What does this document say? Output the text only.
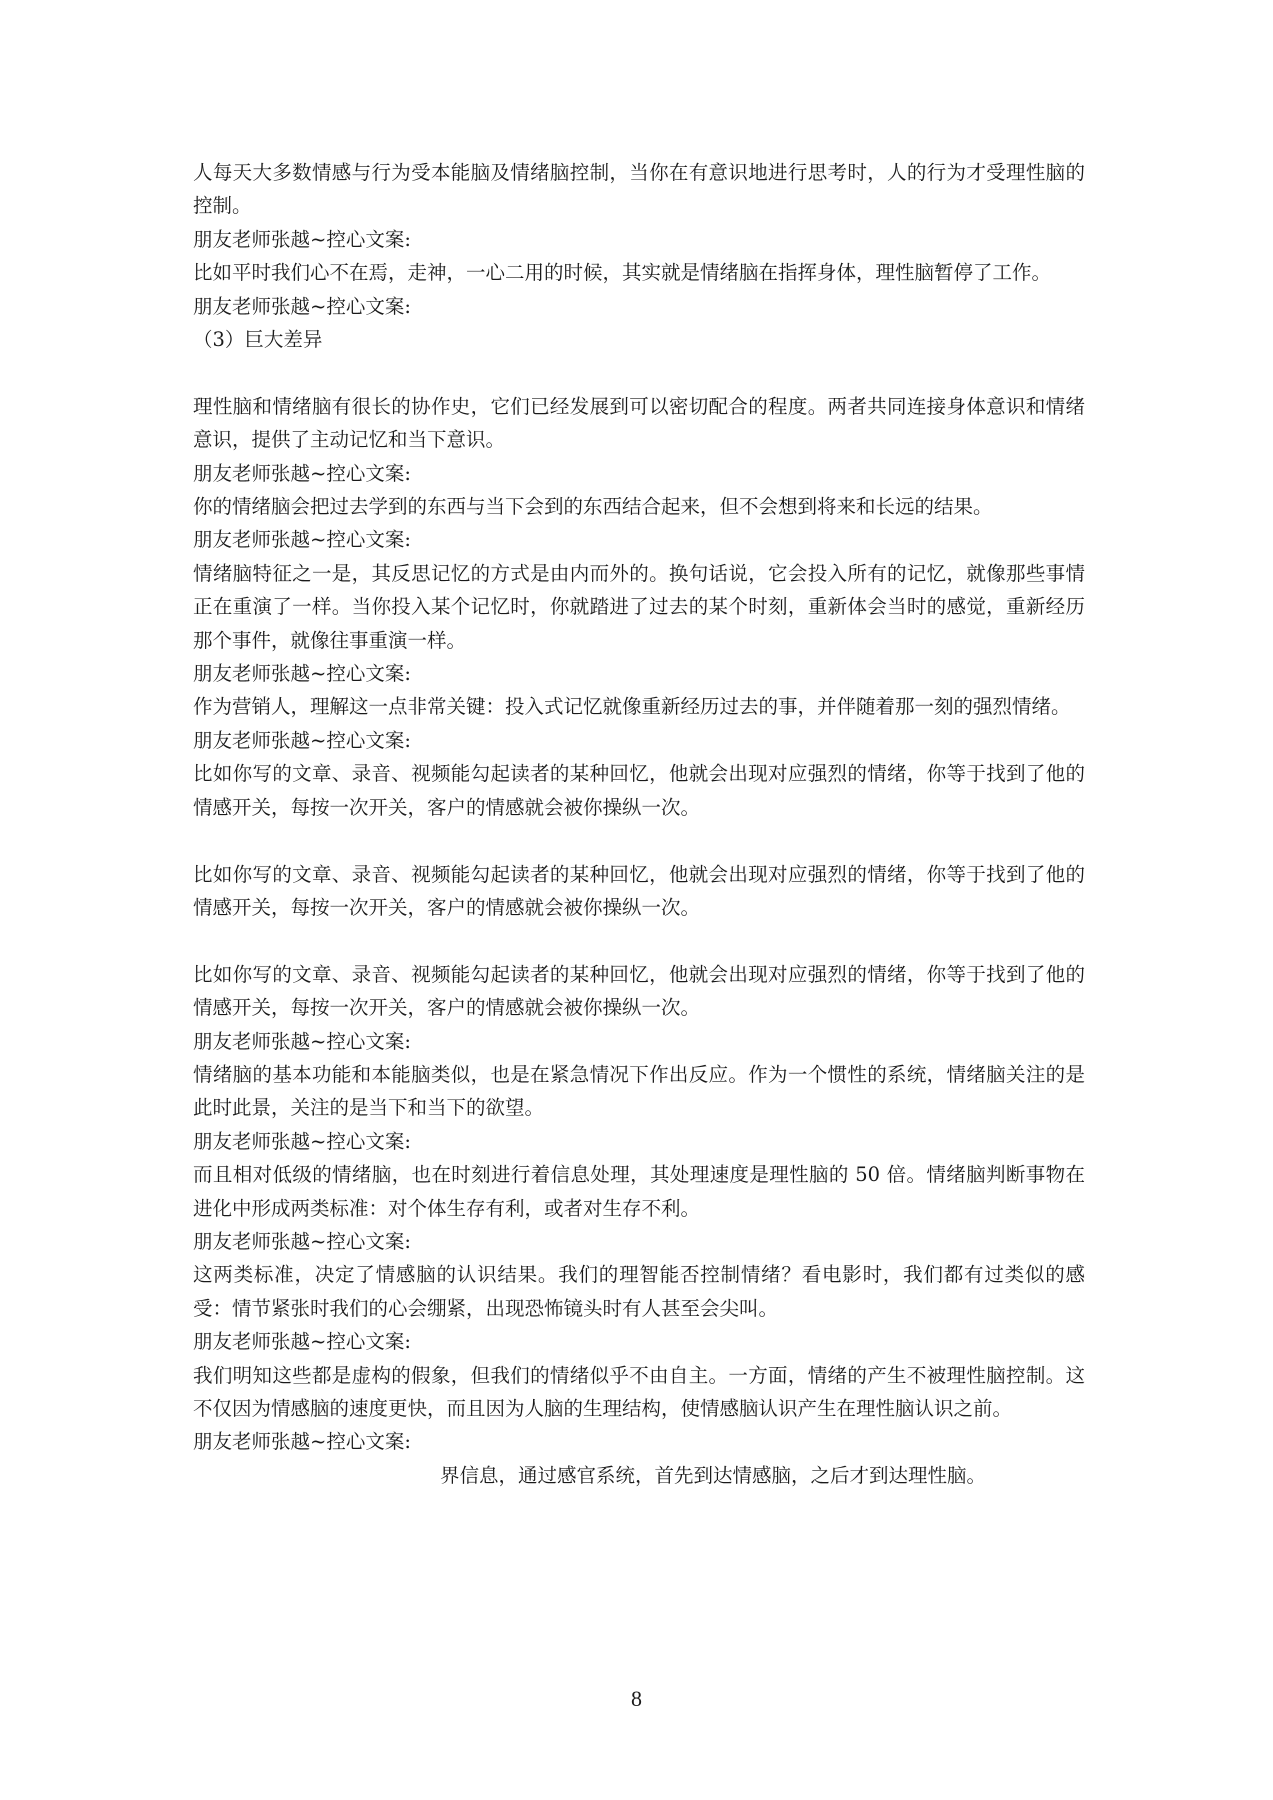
人每天大多数情感与行为受本能脑及情绪脑控制，当你在有意识地进行思考时，人的行为才受理性脑的控制。

朋友老师张越~控心文案:

比如平时我们心不在焉，走神，一心二用的时候，其实就是情绪脑在指挥身体，理性脑暂停了工作。

朋友老师张越~控心文案:

（3）巨大差异

理性脑和情绪脑有很长的协作史，它们已经发展到可以密切配合的程度。两者共同连接身体意识和情绪意识，提供了主动记忆和当下意识。

朋友老师张越~控心文案:

你的情绪脑会把过去学到的东西与当下会到的东西结合起来，但不会想到将来和长远的结果。

朋友老师张越~控心文案:

情绪脑特征之一是，其反思记忆的方式是由内而外的。换句话说，它会投入所有的记忆，就像那些事情正在重演了一样。当你投入某个记忆时，你就踏进了过去的某个时刻，重新体会当时的感觉，重新经历那个事件，就像往事重演一样。

朋友老师张越~控心文案:

作为营销人，理解这一点非常关键：投入式记忆就像重新经历过去的事，并伴随着那一刻的强烈情绪。

朋友老师张越~控心文案:

比如你写的文章、录音、视频能勾起读者的某种回忆，他就会出现对应强烈的情绪，你等于找到了他的情感开关，每按一次开关，客户的情感就会被你操纵一次。

比如你写的文章、录音、视频能勾起读者的某种回忆，他就会出现对应强烈的情绪，你等于找到了他的情感开关，每按一次开关，客户的情感就会被你操纵一次。

比如你写的文章、录音、视频能勾起读者的某种回忆，他就会出现对应强烈的情绪，你等于找到了他的情感开关，每按一次开关，客户的情感就会被你操纵一次。

朋友老师张越~控心文案:

情绪脑的基本功能和本能脑类似，也是在紧急情况下作出反应。作为一个惯性的系统，情绪脑关注的是此时此景，关注的是当下和当下的欲望。

朋友老师张越~控心文案:

而且相对低级的情绪脑，也在时刻进行着信息处理，其处理速度是理性脑的 50 倍。情绪脑判断事物在进化中形成两类标准：对个体生存有利，或者对生存不利。

朋友老师张越~控心文案:

这两类标准，决定了情感脑的认识结果。我们的理智能否控制情绪？看电影时，我们都有过类似的感受：情节紧张时我们的心会绷紧，出现恐怖镜头时有人甚至会尖叫。

朋友老师张越~控心文案:

我们明知这些都是虚构的假象，但我们的情绪似乎不由自主。一方面，情绪的产生不被理性脑控制。这不仅因为情感脑的速度更快，而且因为人脑的生理结构，使情感脑认识产生在理性脑认识之前。

朋友老师张越~控心文案:

界信息，通过感官系统，首先到达情感脑，之后才到达理性脑。

8
